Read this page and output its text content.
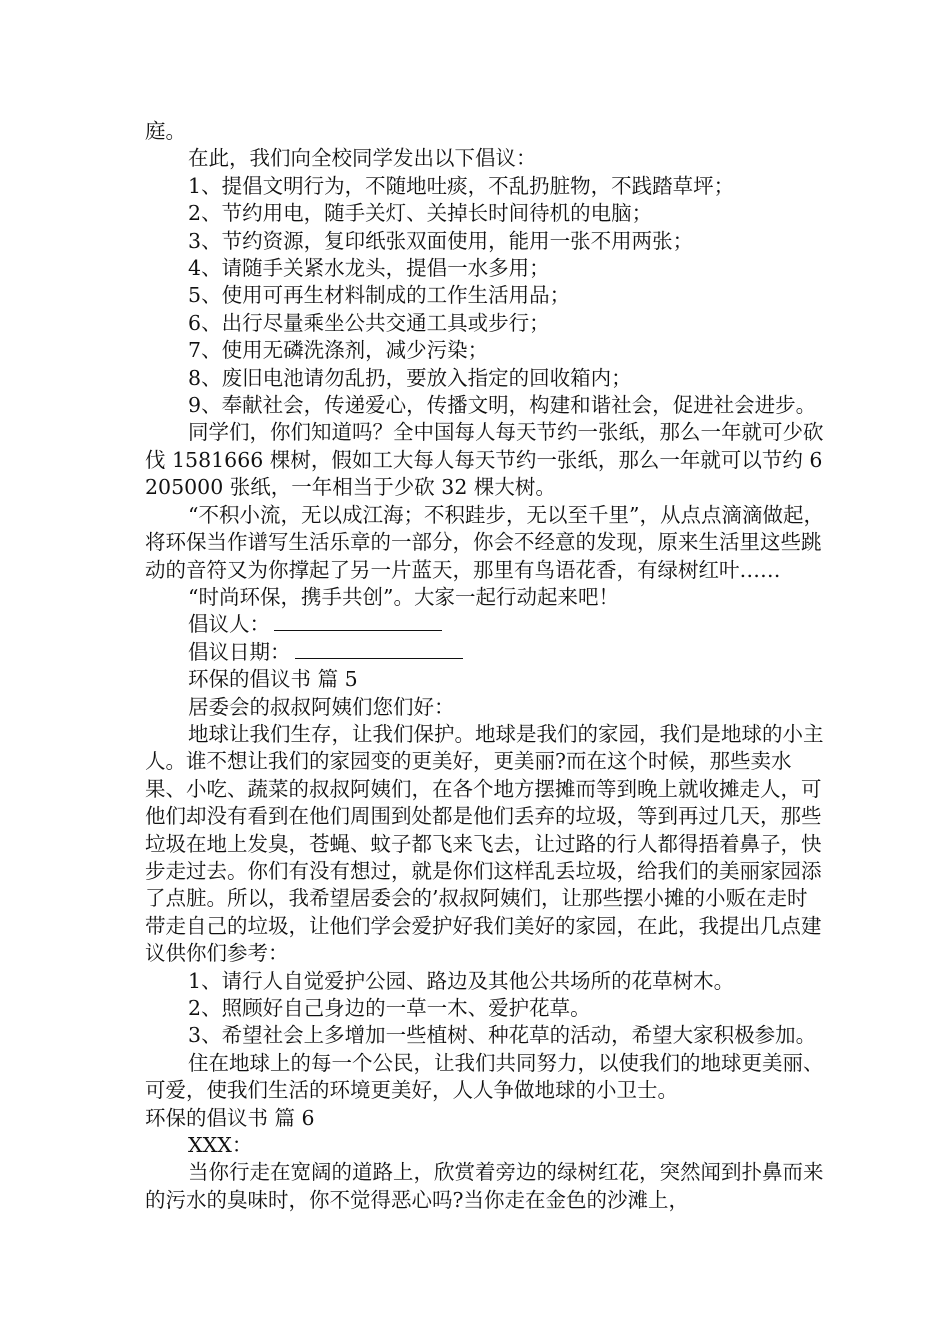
庭。

在此，我们向全校同学发出以下倡议：

1、提倡文明行为，不随地吐痰，不乱扔脏物，不践踏草坪；

2、节约用电，随手关灯、关掉长时间待机的电脑；

3、节约资源，复印纸张双面使用，能用一张不用两张；

4、请随手关紧水龙头，提倡一水多用；

5、使用可再生材料制成的工作生活用品；

6、出行尽量乘坐公共交通工具或步行；

7、使用无磷洗涤剂，减少污染；

8、废旧电池请勿乱扔，要放入指定的回收箱内；

9、奉献社会，传递爱心，传播文明，构建和谐社会，促进社会进步。

同学们，你们知道吗？全中国每人每天节约一张纸，那么一年就可少砍伐 1581666 棵树，假如工大每人每天节约一张纸，那么一年就可以节约 6205000 张纸，一年相当于少砍 32 棵大树。

“不积小流，无以成江海；不积跬步，无以至千里”，从点点滴滴做起，将环保当作谱写生活乐章的一部分，你会不经意的发现，原来生活里这些跳动的音符又为你撑起了另一片蓝天，那里有鸟语花香，有绿树红叶……

“时尚环保，携手共创”。大家一起行动起来吧！

倡议人：

倡议日期：

环保的倡议书 篇 5

居委会的叔叔阿姨们您们好：

地球让我们生存，让我们保护。地球是我们的家园，我们是地球的小主人。谁不想让我们的家园变的更美好，更美丽?而在这个时候，那些卖水果、小吃、蔬菜的叔叔阿姨们，在各个地方摆摊而等到晚上就收摊走人，可他们却没有看到在他们周围到处都是他们丢弃的垃圾，等到再过几天，那些垃圾在地上发臭，苍蝇、蚊子都飞来飞去，让过路的行人都得捂着鼻子，快步走过去。你们有没有想过，就是你们这样乱丢垃圾，给我们的美丽家园添了点脏。所以，我希望居委会的’叔叔阿姨们，让那些摆小摊的小贩在走时带走自己的垃圾，让他们学会爱护好我们美好的家园，在此，我提出几点建议供你们参考：

1、请行人自觉爱护公园、路边及其他公共场所的花草树木。

2、照顾好自己身边的一草一木、爱护花草。

3、希望社会上多增加一些植树、种花草的活动，希望大家积极参加。

住在地球上的每一个公民，让我们共同努力，以使我们的地球更美丽、可爱，使我们生活的环境更美好，人人争做地球的小卫士。

环保的倡议书 篇 6

XXX：

当你行走在宽阔的道路上，欣赏着旁边的绿树红花，突然闻到扑鼻而来的污水的臭味时，你不觉得恶心吗?当你走在金色的沙滩上，
